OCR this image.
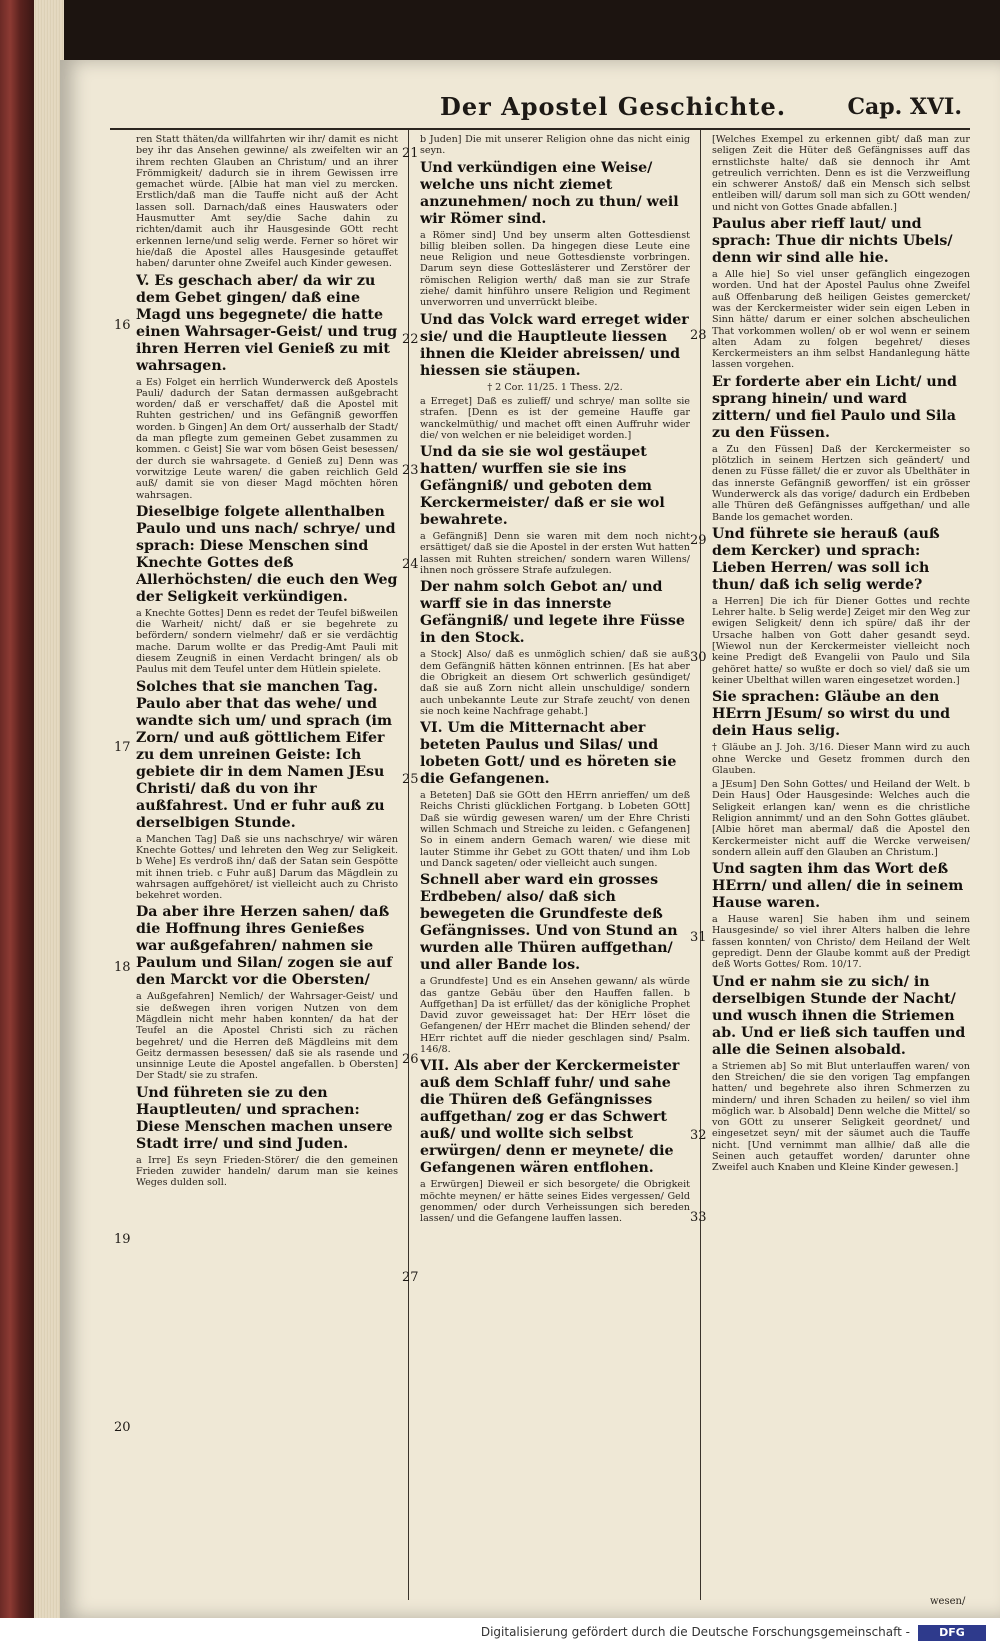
Der Apostel Geschichte.	Cap. XVI.
16
17
18
19
20
21
22
23
24
25
26
27
28
29
30
31
32
33

ren Statt thäten/da willfahrten wir ihr/ damit es nicht bey ihr das Ansehen gewinne/ als zweifelten wir an ihrem rechten Glauben an Christum/ und an ihrer Frömmigkeit/ dadurch sie in ihrem Gewissen irre gemachet würde. [Albie hat man viel zu mercken. Erstlich/daß man die Tauffe nicht auß der Acht lassen soll. Darnach/daß eines Hauswaters oder Hausmutter Amt sey/die Sache dahin zu richten/damit auch ihr Hausgesinde GOtt recht erkennen lerne/und selig werde. Ferner so höret wir hie/daß die Apostel alles Hausgesinde getauffet haben/ darunter ohne Zweifel auch Kinder gewesen.

V. Es geschach aber/ da wir zu dem Gebet gingen/ daß eine Magd uns begegnete/ die hatte einen Wahrsager-Geist/ und trug ihren Herren viel Genieß zu mit wahrsagen.

a Es) Folget ein herrlich Wunderwerck deß Apostels Pauli/ dadurch der Satan dermassen außgebracht worden/ daß er verschaffet/ daß die Apostel mit Ruhten gestrichen/ und ins Gefängniß geworffen worden. b Gingen] An dem Ort/ ausserhalb der Stadt/ da man pflegte zum gemeinen Gebet zusammen zu kommen. c Geist] Sie war vom bösen Geist besessen/ der durch sie wahrsagete. d Genieß zu] Denn was vorwitzige Leute waren/ die gaben reichlich Geld auß/ damit sie von dieser Magd möchten hören wahrsagen.

Dieselbige folgete allenthalben Paulo und uns nach/ schrye/ und sprach: Diese Menschen sind Knechte Gottes deß Allerhöchsten/ die euch den Weg der Seligkeit verkündigen.

a Knechte Gottes] Denn es redet der Teufel bißweilen die Warheit/ nicht/ daß er sie begehrete zu befördern/ sondern vielmehr/ daß er sie verdächtig mache. Darum wollte er das Predig-Amt Pauli mit diesem Zeugniß in einen Verdacht bringen/ als ob Paulus mit dem Teufel unter dem Hütlein spielete.

Solches that sie manchen Tag. Paulo aber that das wehe/ und wandte sich um/ und sprach (im Zorn/ und auß göttlichem Eifer zu dem unreinen Geiste: Ich gebiete dir in dem Namen JEsu Christi/ daß du von ihr außfahrest. Und er fuhr auß zu derselbigen Stunde.

a Manchen Tag] Daß sie uns nachschrye/ wir wären Knechte Gottes/ und lehreten den Weg zur Seligkeit. b Wehe] Es verdroß ihn/ daß der Satan sein Gespötte mit ihnen trieb. c Fuhr auß] Darum das Mägdlein zu wahrsagen auffgehöret/ ist vielleicht auch zu Christo bekehret worden.

Da aber ihre Herzen sahen/ daß die Hoffnung ihres Genießes war außgefahren/ nahmen sie Paulum und Silan/ zogen sie auf den Marckt vor die Obersten/

a Außgefahren] Nemlich/ der Wahrsager-Geist/ und sie deßwegen ihren vorigen Nutzen von dem Mägdlein nicht mehr haben konnten/ da hat der Teufel an die Apostel Christi sich zu rächen begehret/ und die Herren deß Mägdleins mit dem Geitz dermassen besessen/ daß sie als rasende und unsinnige Leute die Apostel angefallen. b Obersten] Der Stadt/ sie zu strafen.

Und führeten sie zu den Hauptleuten/ und sprachen: Diese Menschen machen unsere Stadt irre/ und sind Juden.

a Irre] Es seyn Frieden-Störer/ die den gemeinen Frieden zuwider handeln/ darum man sie keines Weges dulden soll.

b Juden] Die mit unserer Religion ohne das nicht einig seyn.

Und verkündigen eine Weise/ welche uns nicht ziemet anzunehmen/ noch zu thun/ weil wir Römer sind.

a Römer sind] Und bey unserm alten Gottesdienst billig bleiben sollen. Da hingegen diese Leute eine neue Religion und neue Gottesdienste vorbringen. Darum seyn diese Gotteslästerer und Zerstörer der römischen Religion werth/ daß man sie zur Strafe ziehe/ damit hinführo unsere Religion und Regiment unverworren und unverrückt bleibe.

Und das Volck ward erreget wider sie/ und die Hauptleute liessen ihnen die Kleider abreissen/ und hiessen sie stäupen.

† 2 Cor. 11/25. 1 Thess. 2/2.

a Erreget] Daß es zulieff/ und schrye/ man sollte sie strafen. [Denn es ist der gemeine Hauffe gar wanckelmüthig/ und machet offt einen Auffruhr wider die/ von welchen er nie beleidiget worden.]

Und da sie sie wol gestäupet hatten/ wurffen sie sie ins Gefängniß/ und geboten dem Kerckermeister/ daß er sie wol bewahrete.

a Gefängniß] Denn sie waren mit dem noch nicht ersättiget/ daß sie die Apostel in der ersten Wut hatten lassen mit Ruhten streichen/ sondern waren Willens/ ihnen noch grössere Strafe aufzulegen.

Der nahm solch Gebot an/ und warff sie in das innerste Gefängniß/ und legete ihre Füsse in den Stock.

a Stock] Also/ daß es unmöglich schien/ daß sie auß dem Gefängniß hätten können entrinnen. [Es hat aber die Obrigkeit an diesem Ort schwerlich gesündiget/ daß sie auß Zorn nicht allein unschuldige/ sondern auch unbekannte Leute zur Strafe zeucht/ von denen sie noch keine Nachfrage gehabt.]

VI. Um die Mitternacht aber beteten Paulus und Silas/ und lobeten Gott/ und es höreten sie die Gefangenen.

a Beteten] Daß sie GOtt den HErrn anrieffen/ um deß Reichs Christi glücklichen Fortgang. b Lobeten GOtt] Daß sie würdig gewesen waren/ um der Ehre Christi willen Schmach und Streiche zu leiden. c Gefangenen] So in einem andern Gemach waren/ wie diese mit lauter Stimme ihr Gebet zu GOtt thaten/ und ihm Lob und Danck sageten/ oder vielleicht auch sungen.

Schnell aber ward ein grosses Erdbeben/ also/ daß sich bewegeten die Grundfeste deß Gefängnisses. Und von Stund an wurden alle Thüren auffgethan/ und aller Bande los.

a Grundfeste] Und es ein Ansehen gewann/ als würde das gantze Gebäu über den Hauffen fallen. b Auffgethan] Da ist erfüllet/ das der königliche Prophet David zuvor geweissaget hat: Der HErr löset die Gefangenen/ der HErr machet die Blinden sehend/ der HErr richtet auff die nieder geschlagen sind/ Psalm. 146/8.

VII. Als aber der Kerckermeister auß dem Schlaff fuhr/ und sahe die Thüren deß Gefängnisses auffgethan/ zog er das Schwert auß/ und wollte sich selbst erwürgen/ denn er meynete/ die Gefangenen wären entflohen.

a Erwürgen] Dieweil er sich besorgete/ die Obrigkeit möchte meynen/ er hätte seines Eides vergessen/ Geld genommen/ oder durch Verheissungen sich bereden lassen/ und die Gefangene lauffen lassen.

[Welches Exempel zu erkennen gibt/ daß man zur seligen Zeit die Hüter deß Gefängnisses auff das ernstlichste halte/ daß sie dennoch ihr Amt getreulich verrichten. Denn es ist die Verzweiflung ein schwerer Anstoß/ daß ein Mensch sich selbst entleiben will/ darum soll man sich zu GOtt wenden/ und nicht von Gottes Gnade abfallen.]

Paulus aber rieff laut/ und sprach: Thue dir nichts Ubels/ denn wir sind alle hie.

a Alle hie] So viel unser gefänglich eingezogen worden. Und hat der Apostel Paulus ohne Zweifel auß Offenbarung deß heiligen Geistes gemercket/ was der Kerckermeister wider sein eigen Leben in Sinn hätte/ darum er einer solchen abscheulichen That vorkommen wollen/ ob er wol wenn er seinem alten Adam zu folgen begehret/ dieses Kerckermeisters an ihm selbst Handanlegung hätte lassen vorgehen.

Er forderte aber ein Licht/ und sprang hinein/ und ward zittern/ und fiel Paulo und Sila zu den Füssen.

a Zu den Füssen] Daß der Kerckermeister so plötzlich in seinem Hertzen sich geändert/ und denen zu Füsse fället/ die er zuvor als Ubelthäter in das innerste Gefängniß geworffen/ ist ein grösser Wunderwerck als das vorige/ dadurch ein Erdbeben alle Thüren deß Gefängnisses auffgethan/ und alle Bande los gemachet worden.

Und führete sie herauß (auß dem Kercker) und sprach: Lieben Herren/ was soll ich thun/ daß ich selig werde?

a Herren] Die ich für Diener Gottes und rechte Lehrer halte. b Selig werde] Zeiget mir den Weg zur ewigen Seligkeit/ denn ich spüre/ daß ihr der Ursache halben von Gott daher gesandt seyd. [Wiewol nun der Kerckermeister vielleicht noch keine Predigt deß Evangelii von Paulo und Sila gehöret hatte/ so wußte er doch so viel/ daß sie um keiner Ubelthat willen waren eingesetzet worden.]

Sie sprachen: Gläube an den HErrn JEsum/ so wirst du und dein Haus selig.

† Gläube an J. Joh. 3/16. Dieser Mann wird zu auch ohne Wercke und Gesetz frommen durch den Glauben.

a JEsum] Den Sohn Gottes/ und Heiland der Welt. b Dein Haus] Oder Hausgesinde: Welches auch die Seligkeit erlangen kan/ wenn es die christliche Religion annimmt/ und an den Sohn Gottes gläubet. [Albie höret man abermal/ daß die Apostel den Kerckermeister nicht auff die Wercke verweisen/ sondern allein auff den Glauben an Christum.]

Und sagten ihm das Wort deß HErrn/ und allen/ die in seinem Hause waren.

a Hause waren] Sie haben ihm und seinem Hausgesinde/ so viel ihrer Alters halben die lehre fassen konnten/ von Christo/ dem Heiland der Welt gepredigt. Denn der Glaube kommt auß der Predigt deß Worts Gottes/ Rom. 10/17.

Und er nahm sie zu sich/ in derselbigen Stunde der Nacht/ und wusch ihnen die Striemen ab. Und er ließ sich tauffen und alle die Seinen alsobald.

a Striemen ab] So mit Blut unterlauffen waren/ von den Streichen/ die sie den vorigen Tag empfangen hatten/ und begehrete also ihren Schmerzen zu mindern/ und ihren Schaden zu heilen/ so viel ihm möglich war. b Alsobald] Denn welche die Mittel/ so von GOtt zu unserer Seligkeit geordnet/ und eingesetzet seyn/ mit der säumet auch die Tauffe nicht. [Und vernimmt man allhie/ daß alle die Seinen auch getauffet worden/ darunter ohne Zweifel auch Knaben und Kleine Kinder gewesen.]

wesen/
Digitalisierung gefördert durch die Deutsche Forschungsgemeinschaft -	DFG
